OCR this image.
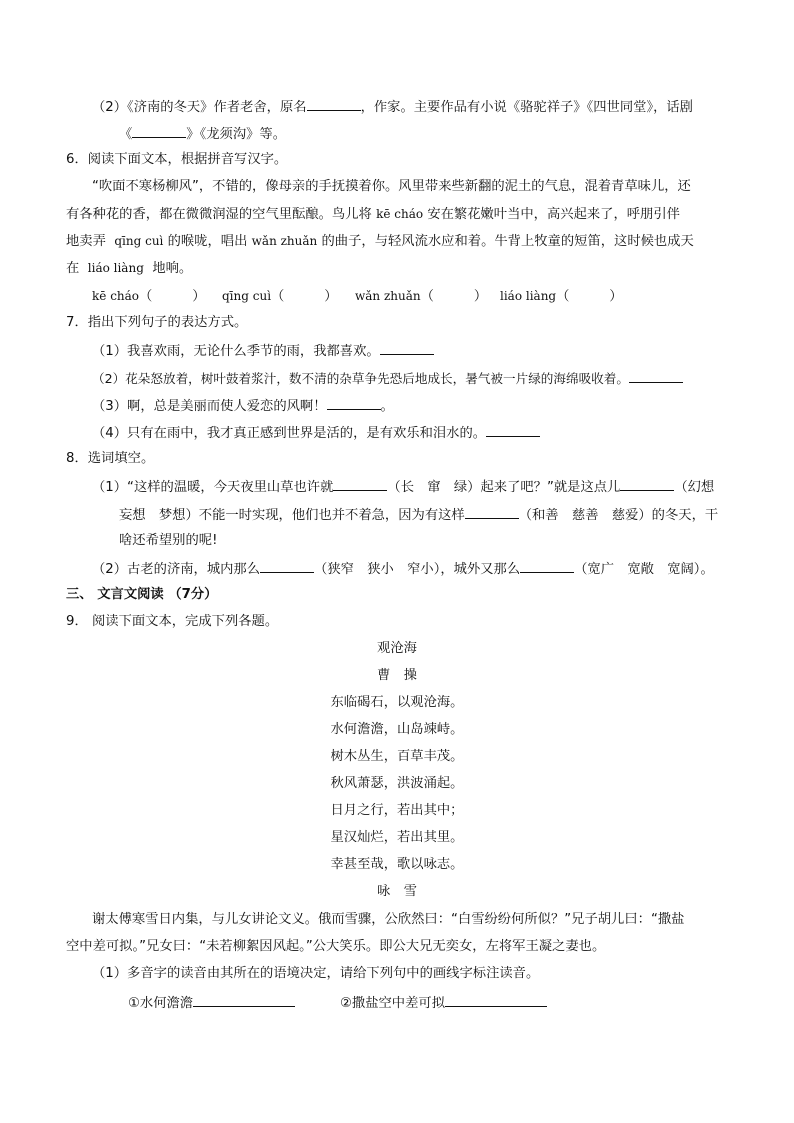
（2）《济南的冬天》作者老舍，原名	，作家。主要作品有小说《骆驼祥子》《四世同堂》，话剧
《	》《龙须沟》等。
6．阅读下面文本，根据拼音写汉字。
“吹面不寒杨柳风”，不错的，像母亲的手抚摸着你。风里带来些新翻的泥土的气息，混着青草味儿，还
有各种花的香，都在微微润湿的空气里酝酿。鸟儿将 kē cháo 安在繁花嫩叶当中，高兴起来了，呼朋引伴
地卖弄 qīng cuì 的喉咙，唱出 wǎn zhuǎn 的曲子，与轻风流水应和着。牛背上牧童的短笛，这时候也成天
在 liáo liàng 地响。
kē cháo（　　　） qīng cuì（　　　） wǎn zhuǎn（　　　） liáo liàng（　　　）
7．指出下列句子的表达方式。
（1）我喜欢雨，无论什么季节的雨，我都喜欢。
（2）花朵怒放着，树叶鼓着浆汁，数不清的杂草争先恐后地成长，暑气被一片绿的海绵吸收着。
（3）啊，总是美丽而使人爱恋的风啊！	。
（4）只有在雨中，我才真正感到世界是活的，是有欢乐和泪水的。
8．选词填空。
（1）“这样的温暖，今天夜里山草也许就	（长　窜　绿）起来了吧？”就是这点儿	（幻想
妄想　梦想）不能一时实现，他们也并不着急，因为有这样	（和善　慈善　慈爱）的冬天，干
啥还希望别的呢!
（2）古老的济南，城内那么	（狭窄　狭小　窄小），城外又那么	（宽广　宽敞　宽阔）。
三、 文言文阅读 （7分）
9． 阅读下面文本，完成下列各题。
观沧海
曹　操
东临碣石，以观沧海。
水何澹澹，山岛竦峙。
树木丛生，百草丰茂。
秋风萧瑟，洪波涌起。
日月之行，若出其中；
星汉灿烂，若出其里。
幸甚至哉，歌以咏志。
咏　雪
谢太傅寒雪日内集，与儿女讲论文义。俄而雪骤，公欣然曰：“白雪纷纷何所似？”兄子胡儿曰：“撒盐
空中差可拟。”兄女曰：“未若柳絮因风起。”公大笑乐。即公大兄无奕女，左将军王凝之妻也。
（1）多音字的读音由其所在的语境决定，请给下列句中的画线字标注读音。
①水何澹澹	②撒盐空中差可拟
